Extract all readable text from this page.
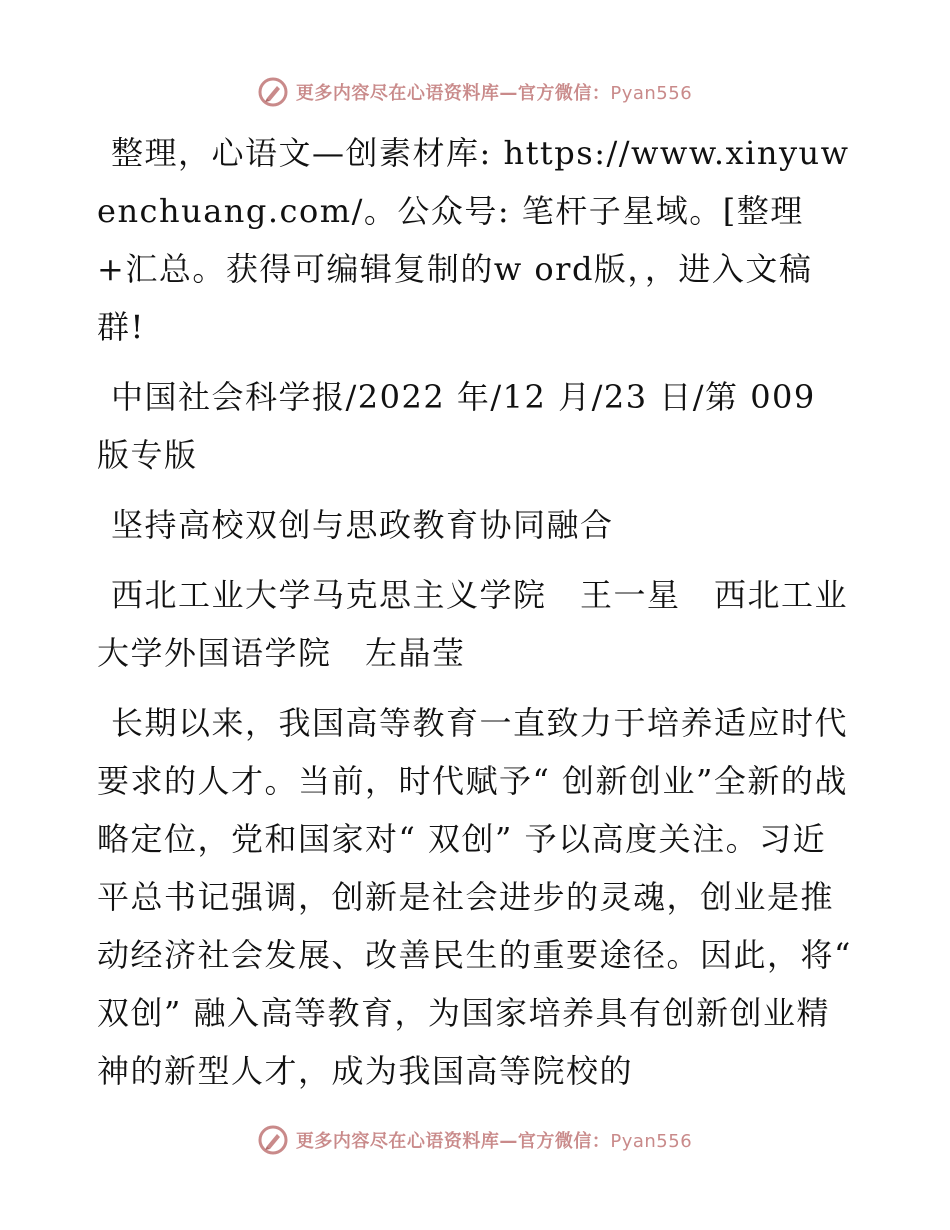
更多内容尽在心语资料库—官方微信：Pyan556

整理，心语文—创素材库: https://www.xinyuwenchuang.com/。公众号: 笔杆子星域。[整理+汇总。获得可编辑复制的w ord版，，进入文稿群!

中国社会科学报/2022 年/12 月/23 日/第 009 版专版

坚持高校双创与思政教育协同融合

西北工业大学马克思主义学院　王一星　西北工业大学外国语学院　左晶莹

长期以来，我国高等教育一直致力于培养适应时代要求的人才。当前，时代赋予“ 创新创业”全新的战略定位，党和国家对“ 双创” 予以高度关注。习近平总书记强调，创新是社会进步的灵魂，创业是推动经济社会发展、改善民生的重要途径。因此，将“ 双创” 融入高等教育，为国家培养具有创新创业精神的新型人才，成为我国高等院校的

更多内容尽在心语资料库—官方微信：Pyan556
